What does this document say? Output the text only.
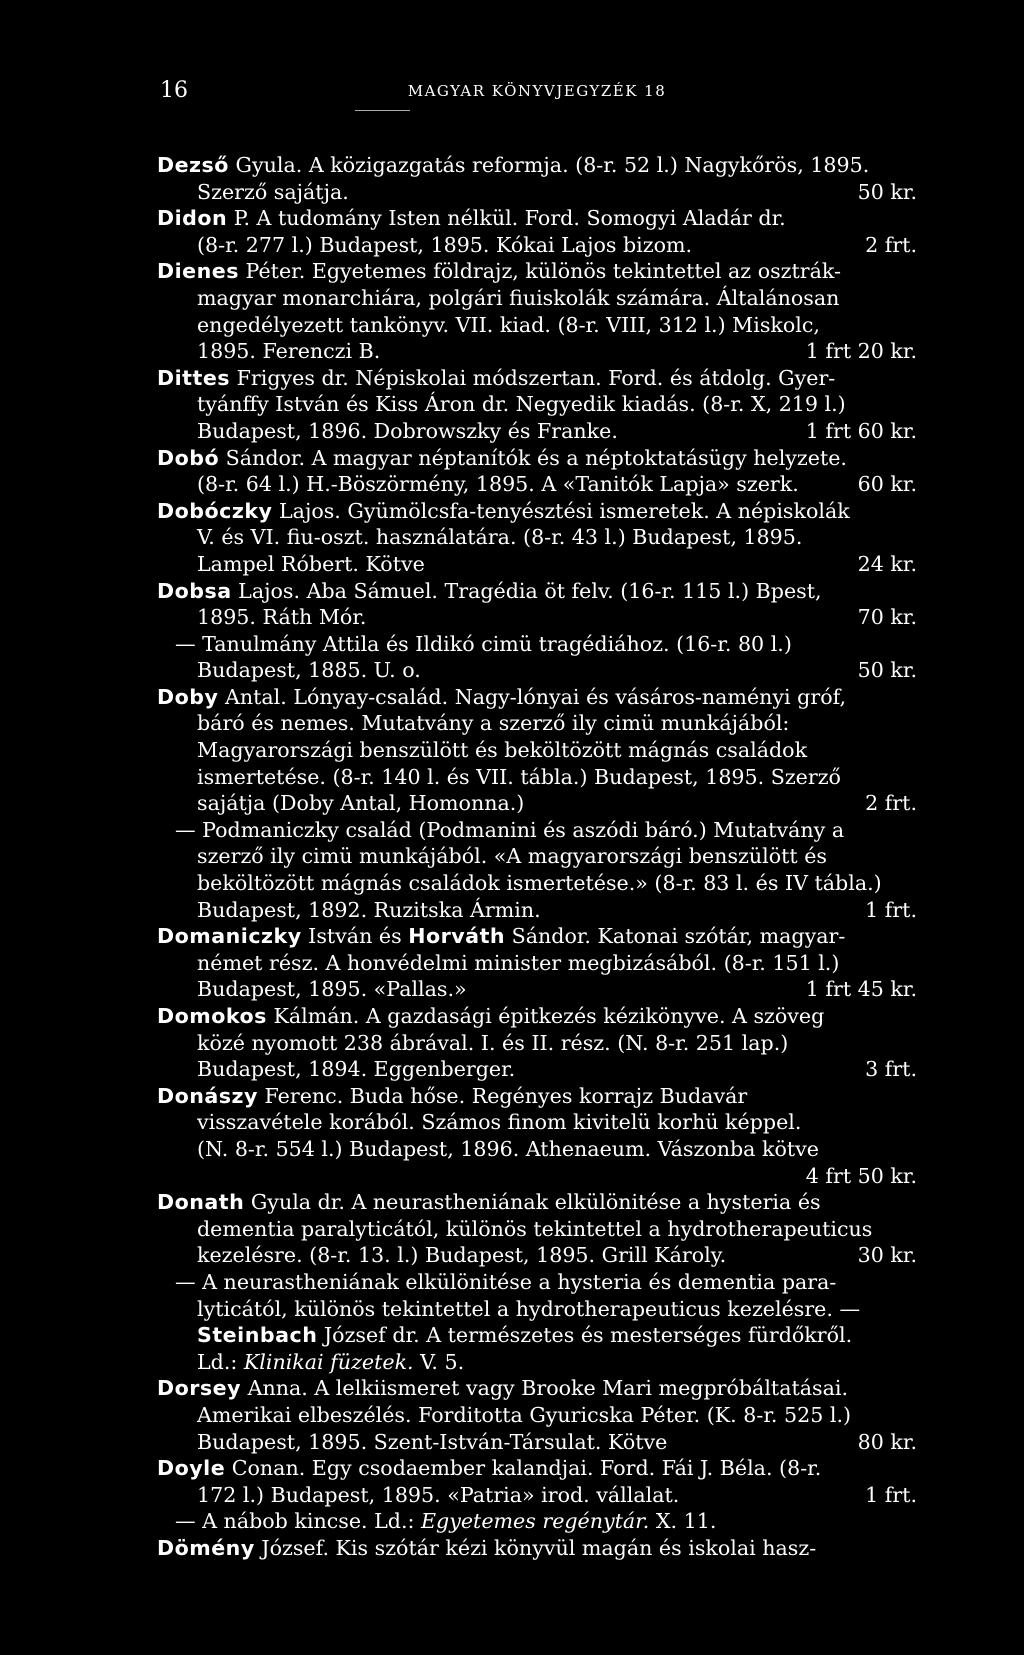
16	MAGYAR KÖNYVJEGYZÉK 18
Dezső Gyula. A közigazgatás reformja. (8-r. 52 l.) Nagykőrös, 1895.
50 kr.
Szerző sajátja.
Didon P. A tudomány Isten nélkül. Ford. Somogyi Aladár dr.
2 frt.
(8-r. 277 l.) Budapest, 1895. Kókai Lajos bizom.
Dienes Péter. Egyetemes földrajz, különös tekintettel az osztrák-
magyar monarchiára, polgári fiuiskolák számára. Általánosan
engedélyezett tankönyv. VII. kiad. (8-r. VIII, 312 l.) Miskolc,
1 frt 20 kr.
1895. Ferenczi B.
Dittes Frigyes dr. Népiskolai módszertan. Ford. és átdolg. Gyer-
tyánffy István és Kiss Áron dr. Negyedik kiadás. (8-r. X, 219 l.)
1 frt 60 kr.
Budapest, 1896. Dobrowszky és Franke.
Dobó Sándor. A magyar néptanítók és a néptoktatásügy helyzete.
60 kr.
(8-r. 64 l.) H.-Böszörmény, 1895. A «Tanitók Lapja» szerk.
Dobóczky Lajos. Gyümölcsfa-tenyésztési ismeretek. A népiskolák
V. és VI. fiu-oszt. használatára. (8-r. 43 l.) Budapest, 1895.
24 kr.
Lampel Róbert. Kötve
Dobsa Lajos. Aba Sámuel. Tragédia öt felv. (16-r. 115 l.) Bpest,
70 kr.
1895. Ráth Mór.
— Tanulmány Attila és Ildikó cimü tragédiához. (16-r. 80 l.)
50 kr.
Budapest, 1885. U. o.
Doby Antal. Lónyay-család. Nagy-lónyai és vásáros-naményi gróf,
báró és nemes. Mutatvány a szerző ily cimü munkájából:
Magyarországi benszülött és beköltözött mágnás családok
ismertetése. (8-r. 140 l. és VII. tábla.) Budapest, 1895. Szerző
2 frt.
sajátja (Doby Antal, Homonna.)
— Podmaniczky család (Podmanini és aszódi báró.) Mutatvány a
szerző ily cimü munkájából. «A magyarországi benszülött és
beköltözött mágnás családok ismertetése.» (8-r. 83 l. és IV tábla.)
1 frt.
Budapest, 1892. Ruzitska Ármin.
Domaniczky István és Horváth Sándor. Katonai szótár, magyar-
német rész. A honvédelmi minister megbizásából. (8-r. 151 l.)
1 frt 45 kr.
Budapest, 1895. «Pallas.»
Domokos Kálmán. A gazdasági épitkezés kézikönyve. A szöveg
közé nyomott 238 ábrával. I. és II. rész. (N. 8-r. 251 lap.)
3 frt.
Budapest, 1894. Eggenberger.
Donászy Ferenc. Buda hőse. Regényes korrajz Budavár
visszavétele korából. Számos finom kivitelü korhü képpel.
(N. 8-r. 554 l.) Budapest, 1896. Athenaeum. Vászonba kötve
4 frt 50 kr.
Donath Gyula dr. A neurastheniának elkülönitése a hysteria és
dementia paralyticától, különös tekintettel a hydrotherapeuticus
30 kr.
kezelésre. (8-r. 13. l.) Budapest, 1895. Grill Károly.
— A neurastheniának elkülönitése a hysteria és dementia para-
lyticától, különös tekintettel a hydrotherapeuticus kezelésre. —
Steinbach József dr. A természetes és mesterséges fürdőkről.
Ld.: Klinikai füzetek. V. 5.
Dorsey Anna. A lelkiismeret vagy Brooke Mari megpróbáltatásai.
Amerikai elbeszélés. Forditotta Gyuricska Péter. (K. 8-r. 525 l.)
80 kr.
Budapest, 1895. Szent-István-Társulat. Kötve
Doyle Conan. Egy csodaember kalandjai. Ford. Fái J. Béla. (8-r.
1 frt.
172 l.) Budapest, 1895. «Patria» irod. vállalat.
— A nábob kincse. Ld.: Egyetemes regénytár. X. 11.
Dömény József. Kis szótár kézi könyvül magán és iskolai hasz-
